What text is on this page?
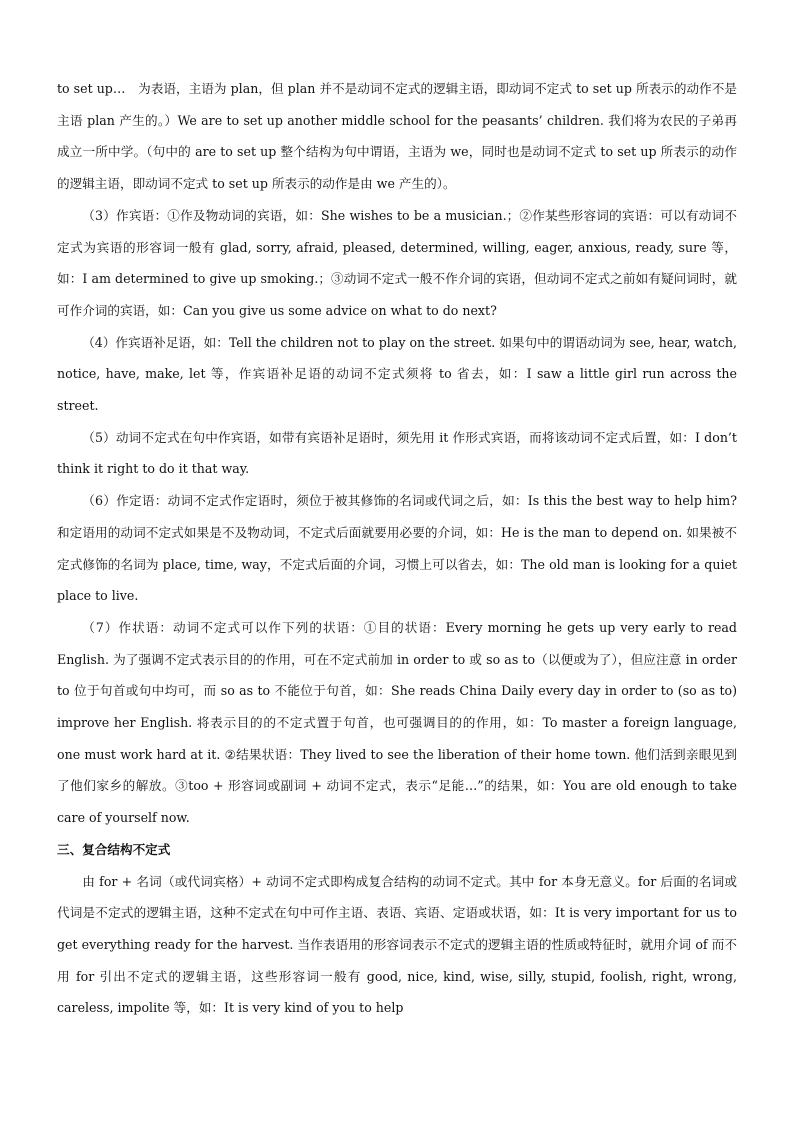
to set up…　为表语，主语为 plan，但 plan 并不是动词不定式的逻辑主语，即动词不定式 to set up 所表示的动作不是主语 plan 产生的。）We are to set up another middle school for the peasants’ children. 我们将为农民的子弟再成立一所中学。（句中的 are to set up 整个结构为句中谓语，主语为 we，同时也是动词不定式 to set up 所表示的动作的逻辑主语，即动词不定式 to set up 所表示的动作是由 we 产生的）。

（3）作宾语：①作及物动词的宾语，如：She wishes to be a musician.；②作某些形容词的宾语：可以有动词不定式为宾语的形容词一般有 glad, sorry, afraid, pleased, determined, willing, eager, anxious, ready, sure 等，如：I am determined to give up smoking.；③动词不定式一般不作介词的宾语，但动词不定式之前如有疑问词时，就可作介词的宾语，如：Can you give us some advice on what to do next?

（4）作宾语补足语，如：Tell the children not to play on the street. 如果句中的谓语动词为 see, hear, watch, notice, have, make, let 等，作宾语补足语的动词不定式须将 to 省去，如：I saw a little girl run across the street.

（5）动词不定式在句中作宾语，如带有宾语补足语时，须先用 it 作形式宾语，而将该动词不定式后置，如：I don’t think it right to do it that way.

（6）作定语：动词不定式作定语时，须位于被其修饰的名词或代词之后，如：Is this the best way to help him? 和定语用的动词不定式如果是不及物动词，不定式后面就要用必要的介词，如：He is the man to depend on. 如果被不定式修饰的名词为 place, time, way，不定式后面的介词，习惯上可以省去，如：The old man is looking for a quiet place to live.

（7）作状语：动词不定式可以作下列的状语：①目的状语：Every morning he gets up very early to read English. 为了强调不定式表示目的的作用，可在不定式前加 in order to 或 so as to（以便或为了），但应注意 in order to 位于句首或句中均可，而 so as to 不能位于句首，如：She reads China Daily every day in order to (so as to) improve her English. 将表示目的的不定式置于句首，也可强调目的的作用，如：To master a foreign language, one must work hard at it. ②结果状语：They lived to see the liberation of their home town. 他们活到亲眼见到了他们家乡的解放。③too + 形容词或副词 + 动词不定式，表示“足能…”的结果，如：You are old enough to take care of yourself now.

三、复合结构不定式

由 for + 名词（或代词宾格）+ 动词不定式即构成复合结构的动词不定式。其中 for 本身无意义。for 后面的名词或代词是不定式的逻辑主语，这种不定式在句中可作主语、表语、宾语、定语或状语，如：It is very important for us to get everything ready for the harvest. 当作表语用的形容词表示不定式的逻辑主语的性质或特征时，就用介词 of 而不用 for 引出不定式的逻辑主语，这些形容词一般有 good, nice, kind, wise, silly, stupid, foolish, right, wrong, careless, impolite 等，如：It is very kind of you to help
